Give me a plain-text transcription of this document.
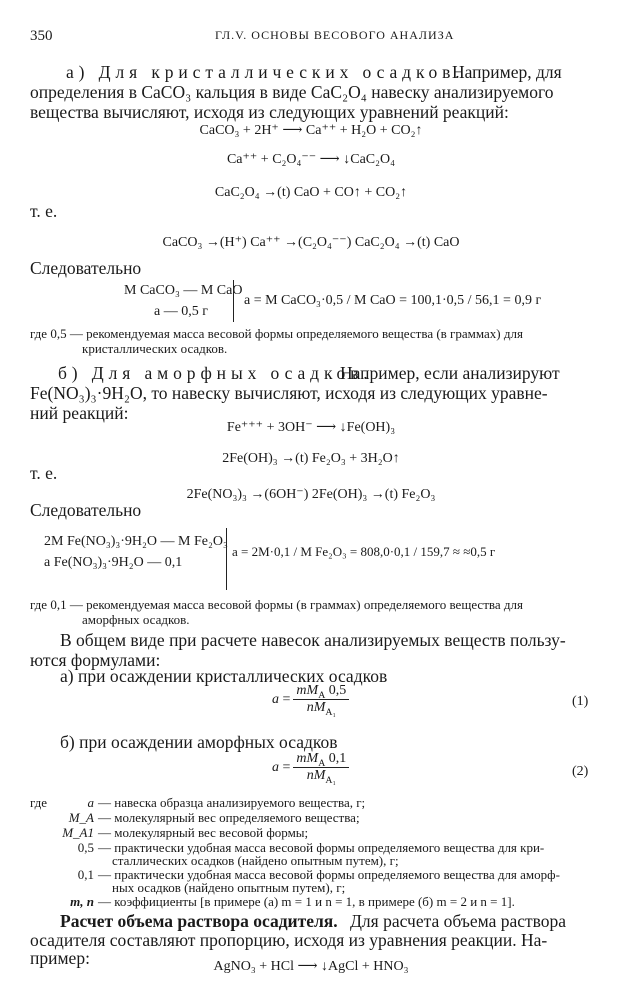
350	ГЛ.V. ОСНОВЫ ВЕСОВОГО АНАЛИЗА
а) Для кристаллических осадков.
Например, для
определения в CaCO₃ кальция в виде CaC₂O₄ навеску анализируемого
вещества вычисляют, исходя из следующих уравнений реакций:
CaCO₃ + 2H⁺ ⟶ Ca⁺⁺ + H₂O + CO₂↑
Ca⁺⁺ + C₂O₄⁻⁻ ⟶ ↓CaC₂O₄
CaC₂O₄ →(t) CaO + CO↑ + CO₂↑
т. е.
CaCO₃ →(H⁺) Ca⁺⁺ →(C₂O₄⁻⁻) CaC₂O₄ →(t) CaO
Следовательно
M CaCO₃ — M CaO
a — 0,5 г
a = M CaCO₃·0,5 / M CaO = 100,1·0,5 / 56,1 = 0,9 г
где 0,5 — рекомендуемая масса весовой формы определяемого вещества (в граммах) для
кристаллических осадков.
б) Для аморфных осадков.
Например, если анализируют
Fe(NO₃)₃·9H₂O, то навеску вычисляют, исходя из следующих уравне-
ний реакций:
Fe⁺⁺⁺ + 3OH⁻ ⟶ ↓Fe(OH)₃
2Fe(OH)₃ →(t) Fe₂O₃ + 3H₂O↑
т. е.
2Fe(NO₃)₃ →(6OH⁻) 2Fe(OH)₃ →(t) Fe₂O₃
Следовательно
2M Fe(NO₃)₃·9H₂O — M Fe₂O₃
a Fe(NO₃)₃·9H₂O — 0,1
a = 2M·0,1 / M Fe₂O₃ = 808,0·0,1 / 159,7 ≈ ≈0,5 г
где 0,1 — рекомендуемая масса весовой формы (в граммах) определяемого вещества для
аморфных осадков.
В общем виде при расчете навесок анализируемых веществ пользу-
ются формулами:
а) при осаждении кристаллических осадков
$a = \frac{mM_A 0,5}{nM_{A_1}}$	(1)
б) при осаждении аморфных осадков
$a = \frac{mM_A 0,1}{nM_{A_1}}$	(2)
где	a — навеска образца анализируемого вещества, г;
M_A — молекулярный вес определяемого вещества;
M_A1 — молекулярный вес весовой формы;
0,5 — практически удобная масса весовой формы определяемого вещества для кри-
сталлических осадков (найдено опытным путем), г;
0,1 — практически удобная масса весовой формы определяемого вещества для аморф-
ных осадков (найдено опытным путем), г;
m, n — коэффициенты [в примере (а) m = 1 и n = 1, в примере (б) m = 2 и n = 1].
Расчет объема раствора осадителя. Для расчета объема раствора
осадителя составляют пропорцию, исходя из уравнения реакции. На-
пример:	AgNO₃ + HCl ⟶ ↓AgCl + HNO₃
